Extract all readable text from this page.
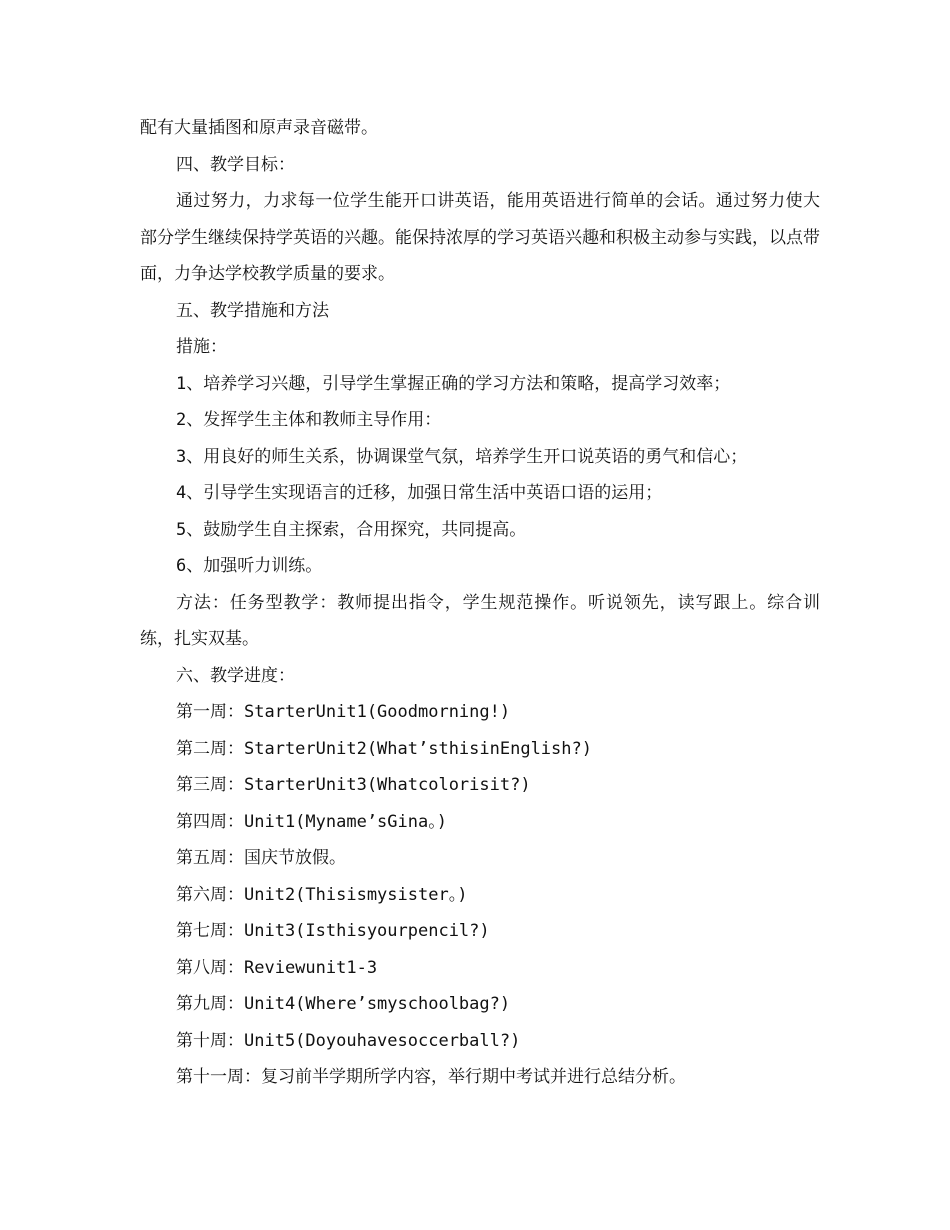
配有大量插图和原声录音磁带。

四、教学目标：

通过努力，力求每一位学生能开口讲英语，能用英语进行简单的会话。通过努力使大部分学生继续保持学英语的兴趣。能保持浓厚的学习英语兴趣和积极主动参与实践，以点带面，力争达学校教学质量的要求。

五、教学措施和方法

措施：

1、培养学习兴趣，引导学生掌握正确的学习方法和策略，提高学习效率；

2、发挥学生主体和教师主导作用：

3、用良好的师生关系，协调课堂气氛，培养学生开口说英语的勇气和信心；

4、引导学生实现语言的迁移，加强日常生活中英语口语的运用；

5、鼓励学生自主探索，合用探究，共同提高。

6、加强听力训练。

方法：任务型教学：教师提出指令，学生规范操作。听说领先，读写跟上。综合训练，扎实双基。

六、教学进度：

第一周：StarterUnit1(Goodmorning!)

第二周：StarterUnit2(What’sthisinEnglish?)

第三周：StarterUnit3(Whatcolorisit?)

第四周：Unit1(Myname’sGina。)

第五周：国庆节放假。

第六周：Unit2(Thisismysister。)

第七周：Unit3(Isthisyourpencil?)

第八周：Reviewunit1-3

第九周：Unit4(Where’smyschoolbag?)

第十周：Unit5(Doyouhavesoccerball?)

第十一周：复习前半学期所学内容，举行期中考试并进行总结分析。
